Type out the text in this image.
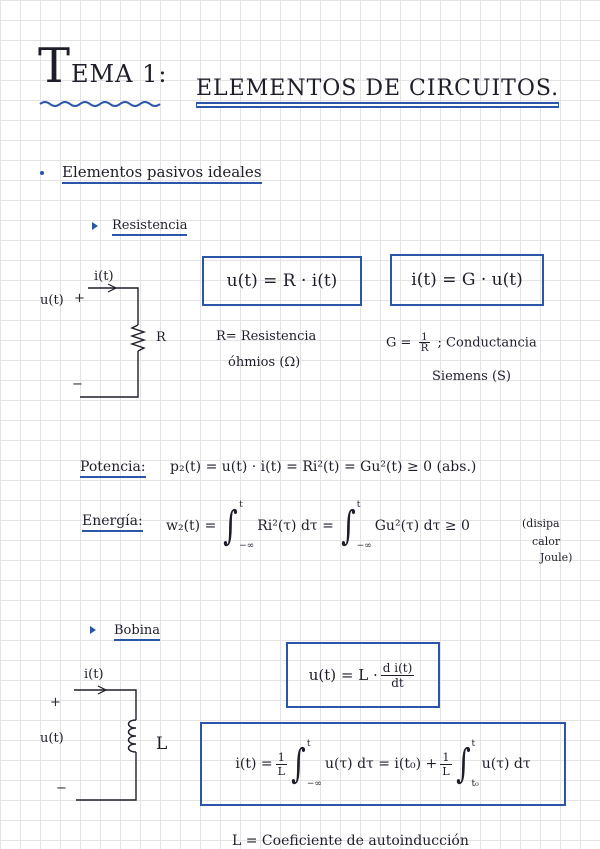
TEMA 1:
ELEMENTOS DE CIRCUITOS.
Elementos pasivos ideales
Resistencia
i(t)
u(t) +
−
R
u(t) = R · i(t)	i(t) = G · u(t)
R= Resistencia
óhmios (Ω)
$G = \frac{1}{R}$ ; Conductancia
Siemens (S)
Potencia: p₂(t) = u(t) · i(t) = Ri²(t) = Gu²(t) ≥ 0 (abs.)
Energía: w₂(t) = ∫ t
−∞
Ri²(τ) dτ = ∫ t
−∞
Gu²(τ) dτ ≥ 0	(disipa
calor
Joule)
Bobina
i(t)
+
u(t)
−
L
$u(t) = L \cdot \frac{\text{d i(t)}}{dt}$
$i(t) = \frac{1}{L}$ ∫ t
−∞
u(τ) $d\tau = i(t_0) + \frac{1}{L}$ ∫ t
t₀
u(τ) dτ
L = Coeficiente de autoinducción
